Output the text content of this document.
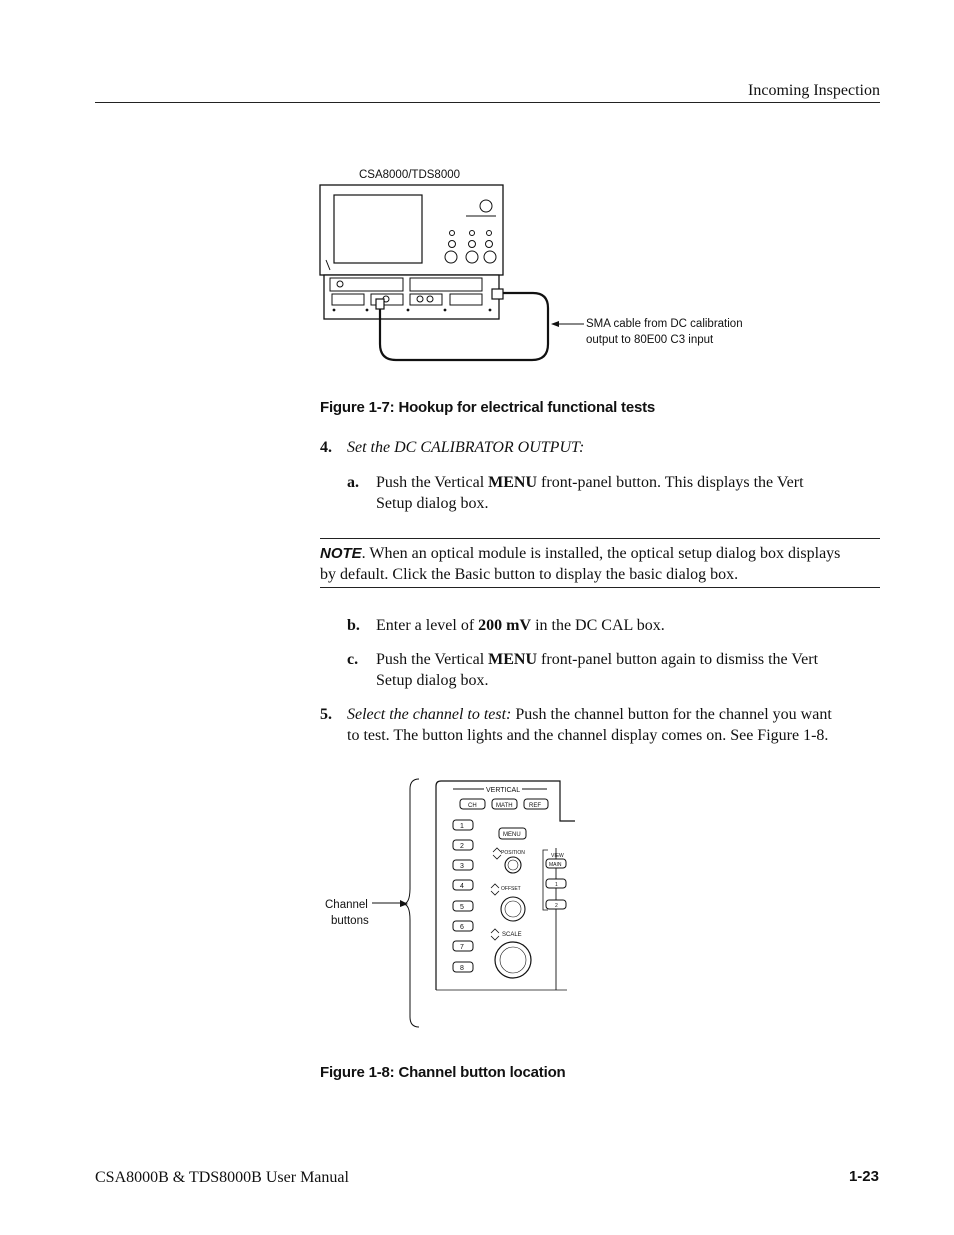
Incoming Inspection
CSA8000/TDS8000
SMA cable from DC calibration
output to 80E00 C3 input
Figure 1-7: Hookup for electrical functional tests
4. Set the DC CALIBRATOR OUTPUT:
a. Push the Vertical MENU front-panel button. This displays the Vert
Setup dialog box.
NOTE. When an optical module is installed, the optical setup dialog box displays
by default. Click the Basic button to display the basic dialog box.
b. Enter a level of 200 mV in the DC CAL box.
c. Push the Vertical MENU front-panel button again to dismiss the Vert
Setup dialog box.
5. Select the channel to test: Push the channel button for the channel you want
to test. The button lights and the channel display comes on. See Figure 1-8.
Channel
buttons
VERTICAL
CH	MATH	REF
1
2
3
4
5
6
7
8
MENU
POSITION
OFFSET
SCALE
VIEW
MAIN
1
2
Figure 1-8: Channel button location
CSA8000B & TDS8000B User Manual	1-23
